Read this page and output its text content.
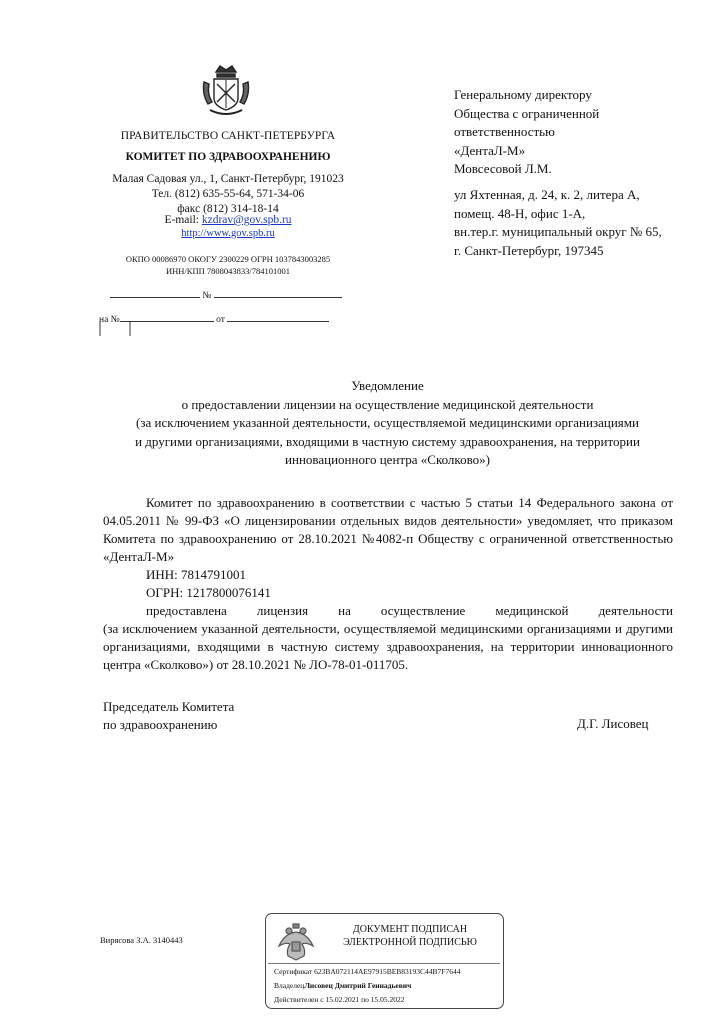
ПРАВИТЕЛЬСТВО САНКТ-ПЕТЕРБУРГА
КОМИТЕТ ПО ЗДРАВООХРАНЕНИЮ
Малая Садовая ул., 1, Санкт-Петербург, 191023
Тел. (812) 635-55-64, 571-34-06
факс (812) 314-18-14
E-mail: kzdrav@gov.spb.ru
http://www.gov.spb.ru
ОКПО 00086970 ОКОГУ 2300229 ОГРН 1037843003285
ИНН/КПП 7808043833/784101001
№
на №	от
Генеральному директору
Общества с ограниченной
ответственностью
«ДентаЛ-М»
Мовсесовой Л.М.
ул Яхтенная, д. 24, к. 2, литера А,
помещ. 48-Н, офис 1-А,
вн.тер.г. муниципальный округ № 65,
г. Санкт-Петербург, 197345
Уведомление
о предоставлении лицензии на осуществление медицинской деятельности
(за исключением указанной деятельности, осуществляемой медицинскими организациями
и другими организациями, входящими в частную систему здравоохранения, на территории
инновационного центра «Сколково»)
Комитет по здравоохранению в соответствии с частью 5 статьи 14 Федерального закона от 04.05.2011 № 99-ФЗ «О лицензировании отдельных видов деятельности» уведомляет, что приказом Комитета по здравоохранению от 28.10.2021 №4082-п Обществу с ограниченной ответственностью «ДентаЛ-М»
ИНН: 7814791001
ОГРН: 1217800076141
предоставлена лицензия на осуществление медицинской деятельности
(за исключением указанной деятельности, осуществляемой медицинскими организациями и другими организациями, входящими в частную систему здравоохранения, на территории инновационного центра «Сколково») от 28.10.2021 № ЛО-78-01-011705.
Председатель Комитета
по здравоохранению	Д.Г. Лисовец
Вирясова З.А. 3140443
ДОКУМЕНТ ПОДПИСАН
ЭЛЕКТРОННОЙ ПОДПИСЬЮ
Сертификат 623BA072114AE97915BEB83193C44B7F7644
ВладелецЛисовец Дмитрий Геннадьевич
Действителен с 15.02.2021 по 15.05.2022
